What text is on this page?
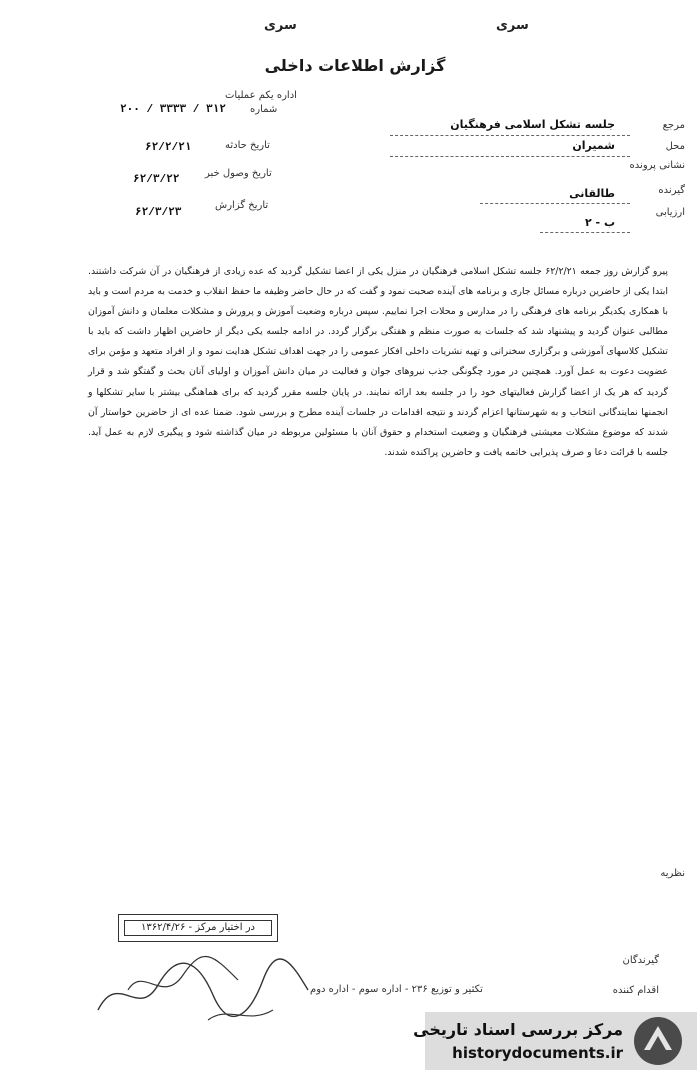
سری	سری
گزارش اطلاعات داخلی
مرجع
جلسه تشکل اسلامی فرهنگیان
محل
شمیران
نشانی پرونده
گیرنده
طالقانی
ارزیابی
ب - ۲
اداره یکم عملیات
شماره
۲۰۰ / ۳۳۳۳ / ۳۱۲
تاریخ حادثه
۶۲/۲/۲۱
تاریخ وصول خبر
۶۲/۳/۲۲
تاریخ گزارش
۶۲/۳/۲۳

پیرو گزارش روز جمعه ۶۲/۲/۲۱ جلسه تشکل اسلامی فرهنگیان در منزل یکی از اعضا تشکیل گردید که عده زیادی از فرهنگیان در آن شرکت داشتند. ابتدا یکی از حاضرین درباره مسائل جاری و برنامه های آینده صحبت نمود و گفت که در حال حاضر وظیفه ما حفظ انقلاب و خدمت به مردم است و باید با همکاری یکدیگر برنامه های فرهنگی را در مدارس و محلات اجرا نماییم. سپس درباره وضعیت آموزش و پرورش و مشکلات معلمان و دانش آموزان مطالبی عنوان گردید و پیشنهاد شد که جلسات به صورت منظم و هفتگی برگزار گردد. در ادامه جلسه یکی دیگر از حاضرین اظهار داشت که باید با تشکیل کلاسهای آموزشی و برگزاری سخنرانی و تهیه نشریات داخلی افکار عمومی را در جهت اهداف تشکل هدایت نمود و از افراد متعهد و مؤمن برای عضویت دعوت به عمل آورد. همچنین در مورد چگونگی جذب نیروهای جوان و فعالیت در میان دانش آموزان و اولیای آنان بحث و گفتگو شد و قرار گردید که هر یک از اعضا گزارش فعالیتهای خود را در جلسه بعد ارائه نمایند. در پایان جلسه مقرر گردید که برای هماهنگی بیشتر با سایر تشکلها و انجمنها نمایندگانی انتخاب و به شهرستانها اعزام گردند و نتیجه اقدامات در جلسات آینده مطرح و بررسی شود. ضمنا عده ای از حاضرین خواستار آن شدند که موضوع مشکلات معیشتی فرهنگیان و وضعیت استخدام و حقوق آنان با مسئولین مربوطه در میان گذاشته شود و پیگیری لازم به عمل آید. جلسه با قرائت دعا و صرف پذیرایی خاتمه یافت و حاضرین پراکنده شدند.

نظریه
در اختیار مرکز - ۱۳۶۲/۴/۲۶
گیرندگان
اقدام کننده
تکثیر و توزیع ۲۳۶ - اداره سوم - اداره دوم
مرکز بررسی اسناد تاریخی
historydocuments.ir
